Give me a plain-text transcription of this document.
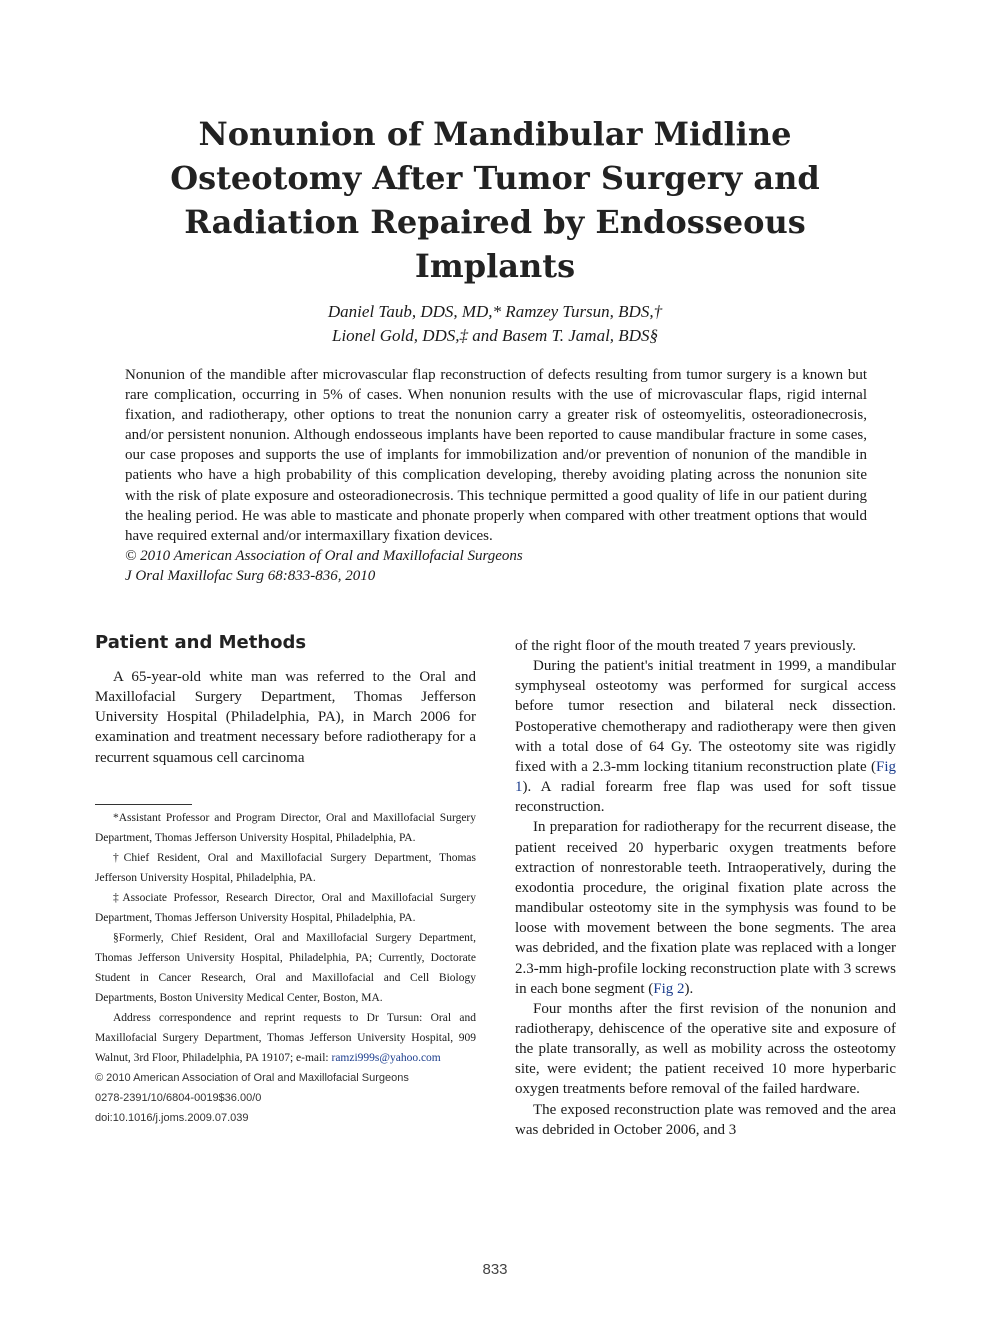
Nonunion of Mandibular Midline
Osteotomy After Tumor Surgery and
Radiation Repaired by Endosseous
Implants
Daniel Taub, DDS, MD,* Ramzey Tursun, BDS,†
Lionel Gold, DDS,‡ and Basem T. Jamal, BDS§

Nonunion of the mandible after microvascular flap reconstruction of defects resulting from tumor surgery is a known but rare complication, occurring in 5% of cases. When nonunion results with the use of microvascular flaps, rigid internal fixation, and radiotherapy, other options to treat the nonunion carry a greater risk of osteomyelitis, osteoradionecrosis, and/or persistent nonunion. Although endosseous implants have been reported to cause mandibular fracture in some cases, our case proposes and supports the use of implants for immobilization and/or prevention of nonunion of the mandible in patients who have a high probability of this complication developing, thereby avoiding plating across the nonunion site with the risk of plate exposure and osteoradionecrosis. This technique permitted a good quality of life in our patient during the healing period. He was able to masticate and phonate properly when compared with other treatment options that would have required external and/or intermaxillary fixation devices.

© 2010 American Association of Oral and Maxillofacial Surgeons

J Oral Maxillofac Surg 68:833-836, 2010

Patient and Methods

A 65-year-old white man was referred to the Oral and Maxillofacial Surgery Department, Thomas Jefferson University Hospital (Philadelphia, PA), in March 2006 for examination and treatment necessary before radiotherapy for a recurrent squamous cell carcinoma

*Assistant Professor and Program Director, Oral and Maxillofacial Surgery Department, Thomas Jefferson University Hospital, Philadelphia, PA.

†Chief Resident, Oral and Maxillofacial Surgery Department, Thomas Jefferson University Hospital, Philadelphia, PA.

‡Associate Professor, Research Director, Oral and Maxillofacial Surgery Department, Thomas Jefferson University Hospital, Philadelphia, PA.

§Formerly, Chief Resident, Oral and Maxillofacial Surgery Department, Thomas Jefferson University Hospital, Philadelphia, PA; Currently, Doctorate Student in Cancer Research, Oral and Maxillofacial and Cell Biology Departments, Boston University Medical Center, Boston, MA.

Address correspondence and reprint requests to Dr Tursun: Oral and Maxillofacial Surgery Department, Thomas Jefferson University Hospital, 909 Walnut, 3rd Floor, Philadelphia, PA 19107; e-mail: ramzi999s@yahoo.com

© 2010 American Association of Oral and Maxillofacial Surgeons

0278-2391/10/6804-0019$36.00/0

doi:10.1016/j.joms.2009.07.039

of the right floor of the mouth treated 7 years previously.

During the patient's initial treatment in 1999, a mandibular symphyseal osteotomy was performed for surgical access before tumor resection and bilateral neck dissection. Postoperative chemotherapy and radiotherapy were then given with a total dose of 64 Gy. The osteotomy site was rigidly fixed with a 2.3-mm locking titanium reconstruction plate (Fig 1). A radial forearm free flap was used for soft tissue reconstruction.

In preparation for radiotherapy for the recurrent disease, the patient received 20 hyperbaric oxygen treatments before extraction of nonrestorable teeth. Intraoperatively, during the exodontia procedure, the original fixation plate across the mandibular osteotomy site in the symphysis was found to be loose with movement between the bone segments. The area was debrided, and the fixation plate was replaced with a longer 2.3-mm high-profile locking reconstruction plate with 3 screws in each bone segment (Fig 2).

Four months after the first revision of the nonunion and radiotherapy, dehiscence of the operative site and exposure of the plate transorally, as well as mobility across the osteotomy site, were evident; the patient received 10 more hyperbaric oxygen treatments before removal of the failed hardware.

The exposed reconstruction plate was removed and the area was debrided in October 2006, and 3

833
